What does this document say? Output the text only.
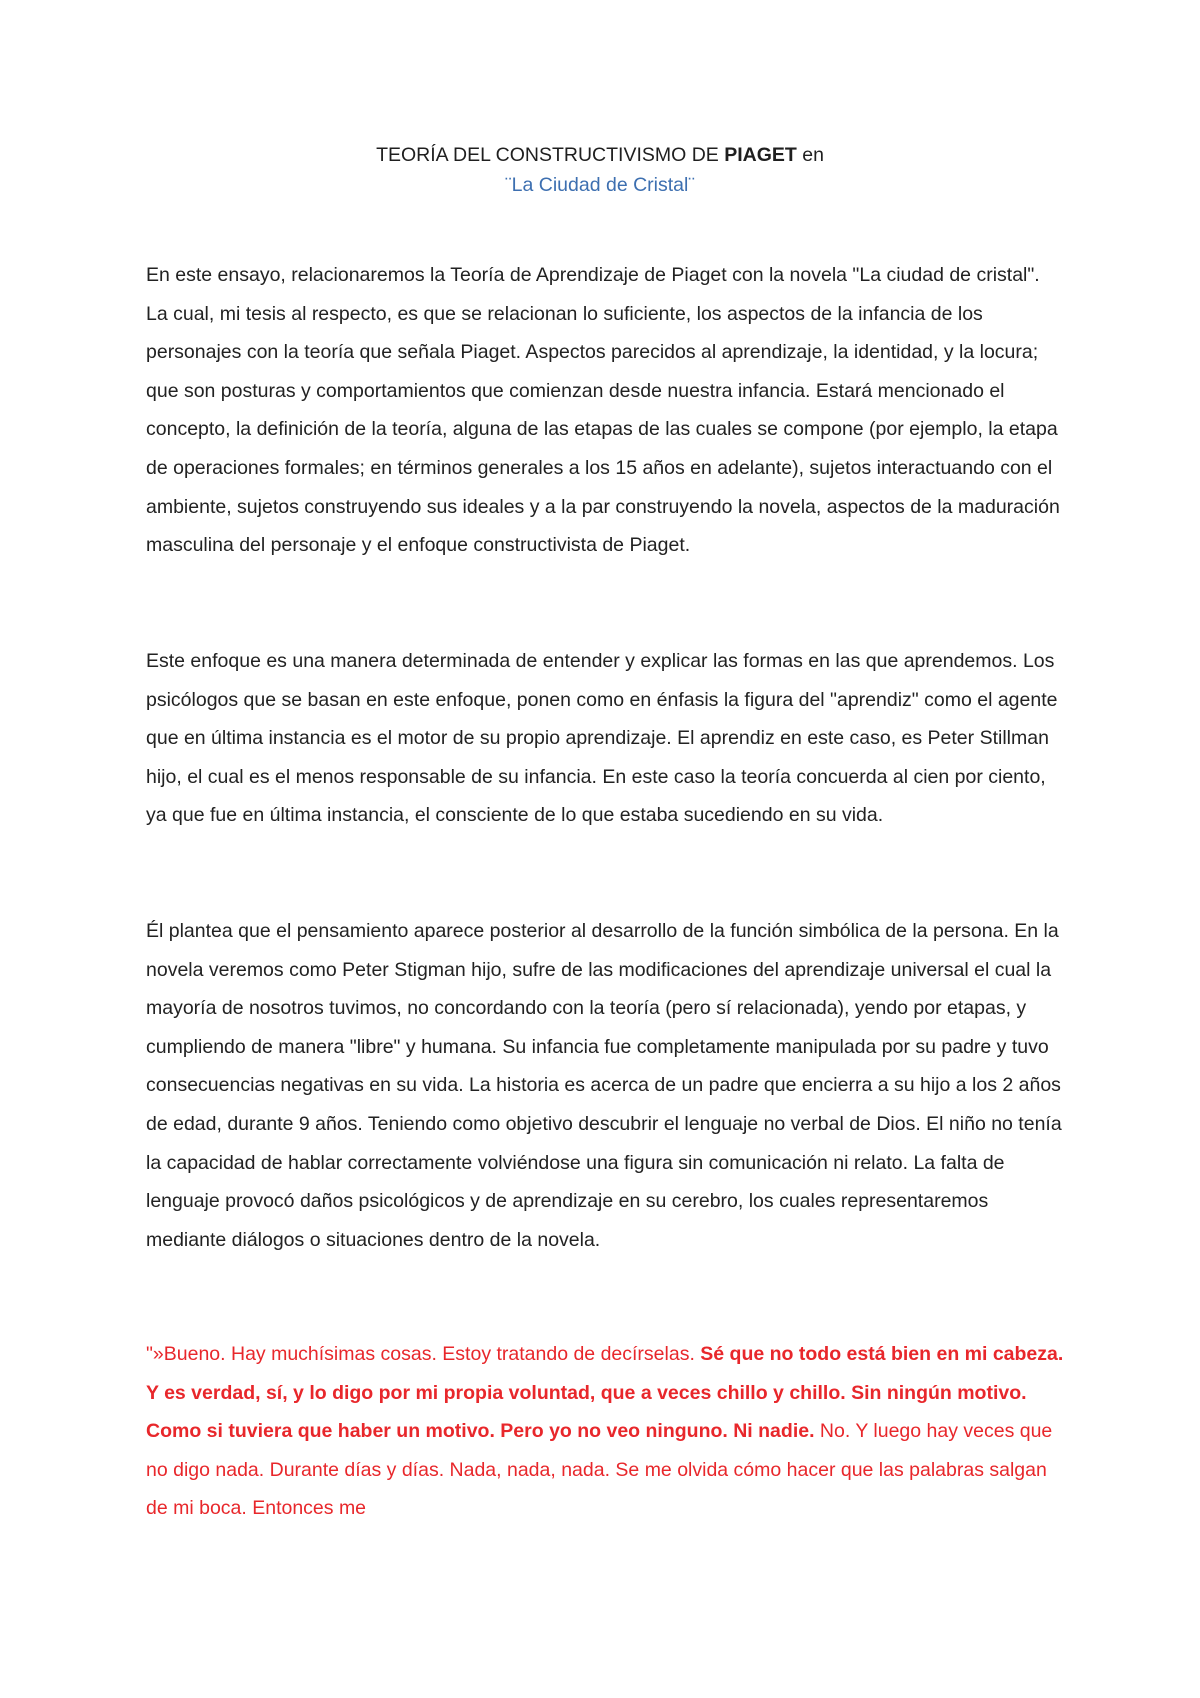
TEORÍA DEL CONSTRUCTIVISMO DE PIAGET en
¨La Ciudad de Cristal¨

En este ensayo, relacionaremos la Teoría de Aprendizaje de Piaget con la novela "La ciudad de cristal". La cual, mi tesis al respecto, es que se relacionan lo suficiente, los aspectos de la infancia de los personajes con la teoría que señala Piaget. Aspectos parecidos al aprendizaje, la identidad, y la locura; que son posturas y comportamientos que comienzan desde nuestra infancia. Estará mencionado el concepto, la definición de la teoría, alguna de las etapas de las cuales se compone (por ejemplo, la etapa de operaciones formales; en términos generales a los 15 años en adelante), sujetos interactuando con el ambiente, sujetos construyendo sus ideales y a la par construyendo la novela, aspectos de la maduración masculina del personaje y el enfoque constructivista de Piaget.

Este enfoque es una manera determinada de entender y explicar las formas en las que aprendemos. Los psicólogos que se basan en este enfoque, ponen como en énfasis la figura del "aprendiz" como el agente que en última instancia es el motor de su propio aprendizaje. El aprendiz en este caso, es Peter Stillman hijo, el cual es el menos responsable de su infancia. En este caso la teoría concuerda al cien por ciento, ya que fue en última instancia, el consciente de lo que estaba sucediendo en su vida.

Él plantea que el pensamiento aparece posterior al desarrollo de la función simbólica de la persona. En la novela veremos como Peter Stigman hijo, sufre de las modificaciones del aprendizaje universal el cual la mayoría de nosotros tuvimos, no concordando con la teoría (pero sí relacionada), yendo por etapas, y cumpliendo de manera "libre" y humana. Su infancia fue completamente manipulada por su padre y tuvo consecuencias negativas en su vida. La historia es acerca de un padre que encierra a su hijo a los 2 años de edad, durante 9 años. Teniendo como objetivo descubrir el lenguaje no verbal de Dios. El niño no tenía la capacidad de hablar correctamente volviéndose una figura sin comunicación ni relato. La falta de lenguaje provocó daños psicológicos y de aprendizaje en su cerebro, los cuales representaremos mediante diálogos o situaciones dentro de la novela.

"»Bueno. Hay muchísimas cosas. Estoy tratando de decírselas. Sé que no todo está bien en mi cabeza. Y es verdad, sí, y lo digo por mi propia voluntad, que a veces chillo y chillo. Sin ningún motivo. Como si tuviera que haber un motivo. Pero yo no veo ninguno. Ni nadie. No. Y luego hay veces que no digo nada. Durante días y días. Nada, nada, nada. Se me olvida cómo hacer que las palabras salgan de mi boca. Entonces me
